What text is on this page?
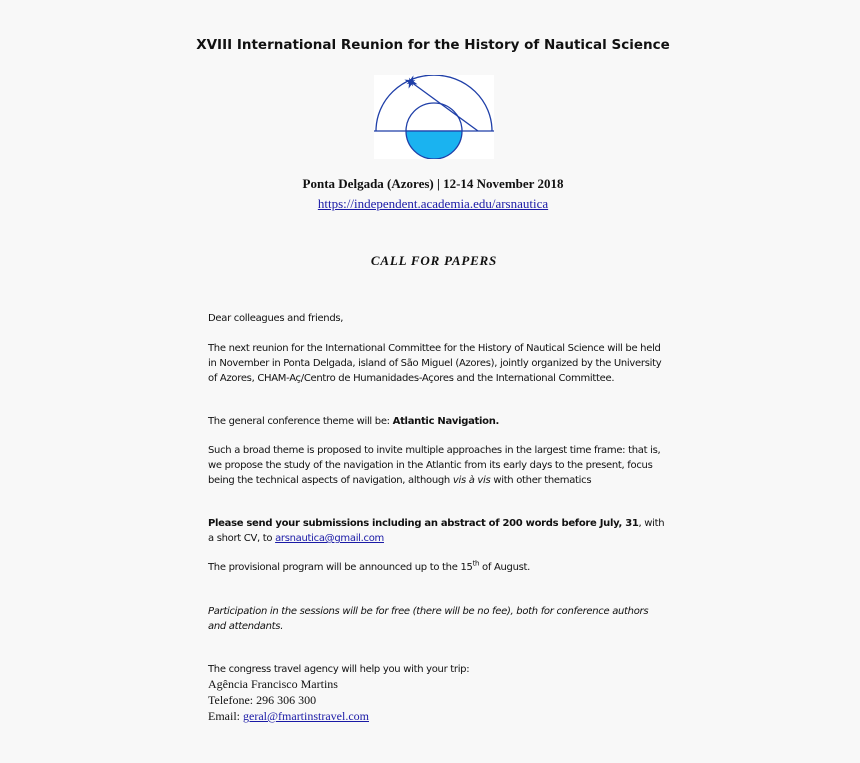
XVIII International Reunion for the History of Nautical Science
Ponta Delgada (Azores) | 12-14 November 2018
https://independent.academia.edu/arsnautica
CALL FOR PAPERS
Dear colleagues and friends,
The next reunion for the International Committee for the History of Nautical Science will be held in November in Ponta Delgada, island of São Miguel (Azores), jointly organized by the University of Azores, CHAM-Aç/Centro de Humanidades-Açores and the International Committee.
The general conference theme will be: Atlantic Navigation.
Such a broad theme is proposed to invite multiple approaches in the largest time frame: that is, we propose the study of the navigation in the Atlantic from its early days to the present, focus being the technical aspects of navigation, although vis à vis with other thematics
Please send your submissions including an abstract of 200 words before July, 31, with a short CV, to arsnautica@gmail.com
The provisional program will be announced up to the 15th of August.
Participation in the sessions will be for free (there will be no fee), both for conference authors and attendants.
The congress travel agency will help you with your trip:
Agência Francisco Martins
Telefone: 296 306 300
Email: geral@fmartinstravel.com
